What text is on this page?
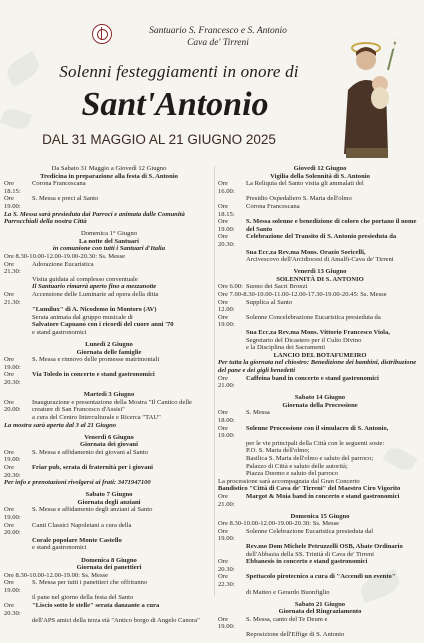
Santuario S. Francesco e S. Antonio
Cava de' Tirreni
Solenni festeggiamenti in onore di
Sant'Antonio
DAL 31 MAGGIO AL 21 GIUGNO 2025
Da Sabato 31 Maggio a Giovedì 12 Giugno
Tredicina in preparazione alla festa di S. Antonio
Ore 18.15:
Corona Francescana
Ore 19.00:
S. Messa e preci al Santo
La S. Messa sarà presieduta dai Parroci e animata dalle Comunità Parrocchiali della nostra Città
Domenica 1° Giugno
La notte del Santuari
in comunione con tutti i Santuari d'Italia
Ore 8.30-10.00-12.00-19.00-20.30:
Ss. Messe
Ore 21.30:
Adorazione Eucaristica
Visita guidata al complesso conventuale
Il Santuario rimarrà aperto fino a mezzanotte
Ore 21.30:
Accensione delle Luminarie ad opera della ditta
"Lumilux" di A. Nicodemo in Montoro (AV)
Serata animata dal gruppo musicale di
Salvatore Capuano con i ricordi del cuore anni '70
e stand gastronomici
Lunedì 2 Giugno
Giornata delle famiglie
Ore 19.00:
S. Messa e rinnovo delle promesse matrimoniali
Ore 20.30:
Via Toledo in concerto e stand gastronomici
Martedì 3 Giugno
Ore 20.00:
Inaugurazione e presentazione della Mostra "Il Cantico delle creature di San Francesco d'Assisi"
a cura del Centro Interculturale e Ricerca "TAU"
La mostra sarà aperta dal 3 al 21 Giugno
Venerdì 6 Giugno
Giornata dei giovani
Ore 19.00:
S. Messa e affidamento dei giovani al Santo
Ore 20.30:
Friar pub, serata di fraternità per i giovani
Per info e prenotazioni rivolgersi ai frati: 3471947100
Sabato 7 Giugno
Giornata degli anziani
Ore 19.00:
S. Messa e affidamento degli anziani al Santo
Ore 20.00:
Canti Classici Napoletani a cura della
Corale popolare Monte Castello
e stand gastronomici
Domenica 8 Giugno
Giornata dei panettieri
Ore 8.30-10.00-12.00-19.00:
Ss. Messe
Ore 19.00:
S. Messa per tutti i panettieri che offriranno
il pane nel giorno della festa del Santo
Ore 20.30:
"Liscio sotto le stelle" serata danzante a cura
dell'APS amici della terza età "Antico borgo di Angelo Canora"
Giovedì 12 Giugno
Vigilia della Solennità di S. Antonio
Ore 16.00:
La Reliquia del Santo visita gli ammalati del
Presidio Ospedaliero S. Maria dell'olmo
Ore 18.15:
Corona Francescana
Ore 19.00:
S. Messa solenne e benedizione di coloro che portano il nome del Santo
Ore 20.30:
Celebrazione del Transito di S. Antonio presieduta da
Sua Ecc.za Rev.ma Mons. Orazio Soricelli,
Arcivescovo dell'Arcidiocesi di Amalfi-Cava de' Tirreni
Venerdì 13 Giugno
SOLENNITÀ DI S. ANTONIO
Ore 6.00: Suono dei Sacri Bronzi
Ore 7.00-8.30-10.00-11.00-12.00-17.30-19.00-20.45:
Ss. Messe
Ore 12.00:
Supplica al Santo
Ore 19.00:
Solenne Concelebrazione Eucaristica presieduta da
Sua Ecc.za Rev.ma Mons. Vittorio Francesco Viola,
Segretario del Dicastero per il Culto Divino
e la Disciplina dei Sacramenti
LANCIO DEL BOTAFUMEIRO
Per tutta la giornata nel chiostro: Benedizione dei bambini, distribuzione del pane e dei gigli benedetti
Ore 21.00:
Caffeina band in concerto e stand gastronomici
Sabato 14 Giugno
Giornata della Processione
Ore 18.00:
S. Messa
Ore 19.00:
Solenne Processione con il simulacro di S. Antonio,
per le vie principali della Città con le seguenti soste:
P.O. S. Maria dell'olmo;
Basilica S. Maria dell'olmo e saluto del parroco;
Palazzo di Città e saluto delle autorità;
Piazza Duomo e saluto del parroco
La processione sarà accompagnata dal Gran Concerto
Bandistico "Città di Cava de' Tirreni" del Maestro Ciro Vigorito
Ore 21.00:
Margot & Moia band in concerto e stand gastronomici
Domenica 15 Giugno
Ore 8.30-10.00-12.00-19.00-20.30:
Ss. Messe
Ore 19.00:
Solenne Celebrazione Eucaristica presieduta dal
Rev.mo Dom Michele Petruzzelli OSB, Abate Ordinario
dell'Abbazia della SS. Trinità di Cava de' Tirreni
Ore 20.30:
Ebbanesis in concerto e stand gastronomici
Ore 22.30:
Spettacolo pirotecnico a cura di "Accendi un evento"
di Matteo e Gerardo Buonfiglio
Sabato 21 Giugno
Giornata del Ringraziamento
Ore 19.00:
S. Messa, canto del Te Deum e
Reposizione dell'Effige di S. Antonio
